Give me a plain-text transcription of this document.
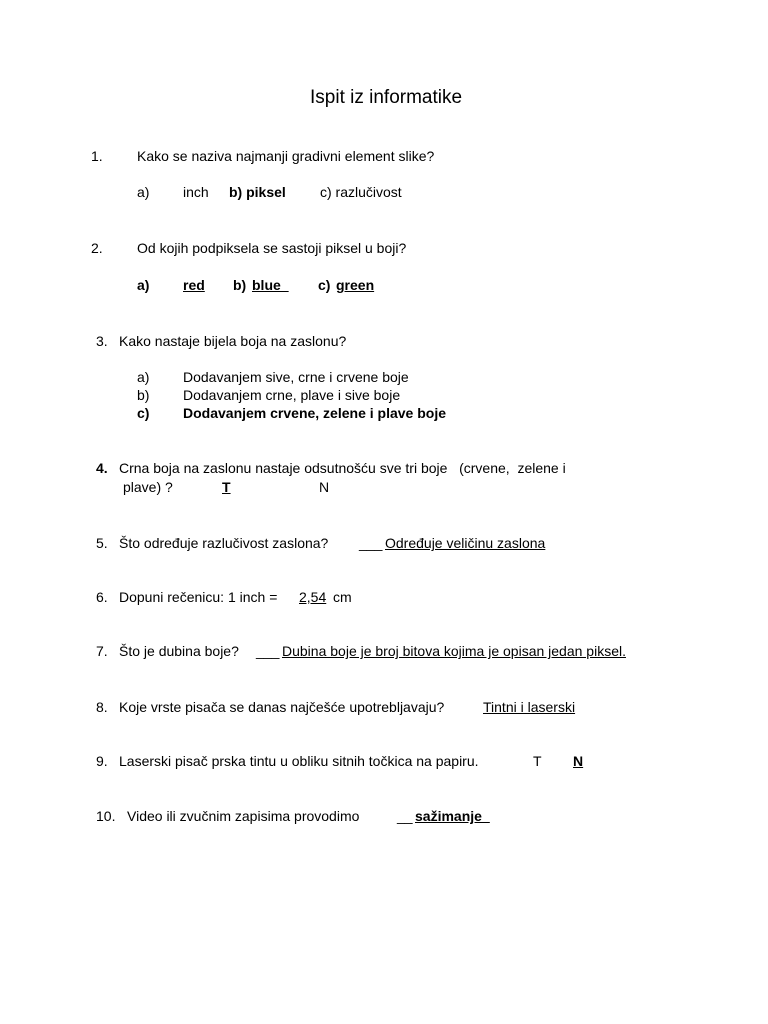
Ispit iz informatike
1. Kako se naziva najmanji gradivni element slike?
a) inch b) piksel c) razlučivost
2. Od kojih podpiksela se sastoji piksel u boji?
a) red b) blue_ c) green
3. Kako nastaje bijela boja na zaslonu?
a) Dodavanjem sive, crne i crvene boje
b) Dodavanjem crne, plave i sive boje
c) Dodavanjem crvene, zelene i plave boje
4. Crna boja na zaslonu nastaje odsutnošću sve tri boje   (crvene,  zelene i
plave) ?	T	N
5. Što određuje razlučivost zaslona? ___ Određuje veličinu zaslona
6. Dopuni rečenicu: 1 inch = 2,54 cm
7. Što je dubina boje? ___ Dubina boje je broj bitova kojima je opisan jedan piksel.
8. Koje vrste pisača se danas najčešće upotrebljavaju?	Tintni i laserski
9. Laserski pisač prska tintu u obliku sitnih točkica na papiru.	T N
10. Video ili zvučnim zapisima provodimo	__ sažimanje_
